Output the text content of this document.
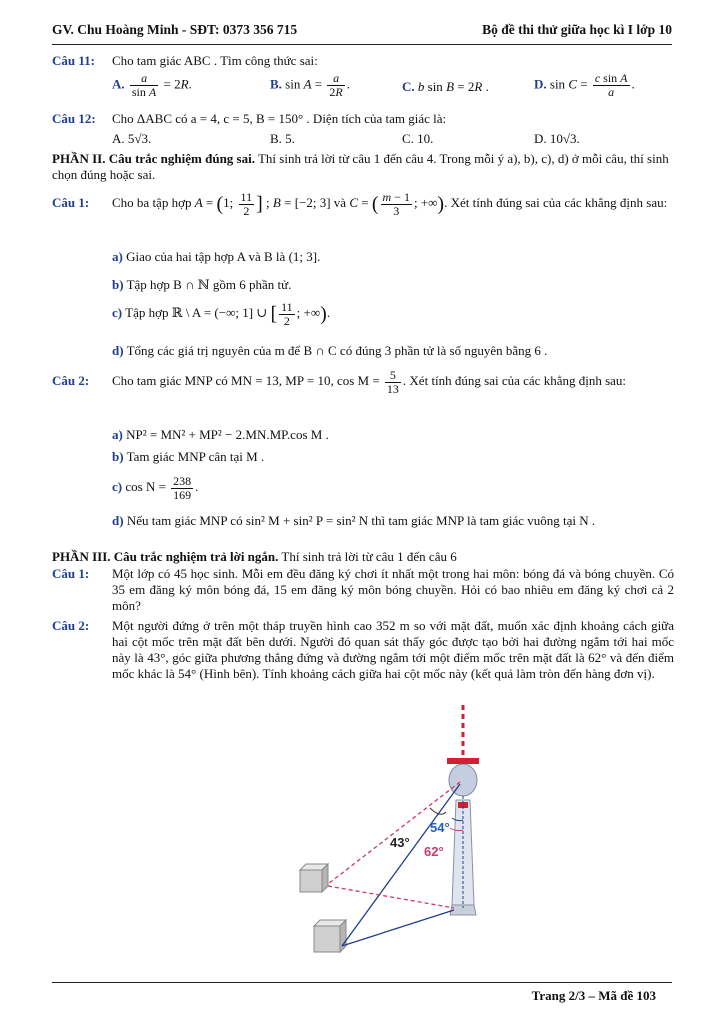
GV. Chu Hoàng Minh - SĐT: 0373 356 715	Bộ đề thi thử giữa học kì I lớp 10
Câu 11: Cho tam giác ABC . Tìm công thức sai:
A. $\frac{a}{\text{sin A}} = 2R$.	B. $\sin A = \frac{a}{2R}$ .	C. b sin B = 2R .	D. $\sin C = \frac{\text{c sin A}}{a}$ .
Câu 12: Cho ΔABC có a = 4, c = 5, B = 150° . Diện tích của tam giác là:
A. 5√3.	B. 5.	C. 10.	D. 10√3.
PHẦN II. Câu trắc nghiệm đúng sai. Thí sinh trả lời từ câu 1 đến câu 4. Trong mỗi ý a), b), c), d) ở mỗi câu, thí sinh chọn đúng hoặc sai.
Câu 1: Cho ba tập hợp A = (1; $\frac{11}{2}$ ] ; B = [−2; 3] và C = ( $\frac{m - 1}{3}$ ; +∞). Xét tính đúng sai của các khẳng định sau:
a) Giao của hai tập hợp A và B là (1; 3].
b) Tập hợp B ∩ ℕ gồm 6 phần tử.
c) Tập hợp ℝ \ A = (−∞; 1] ∪ [ $\frac{11}{2}$ ; +∞).
d) Tổng các giá trị nguyên của m để B ∩ C có đúng 3 phần tử là số nguyên bằng 6 .
Câu 2: Cho tam giác MNP có MN = 13, MP = 10, $\cos M = \frac{5}{13}$ . Xét tính đúng sai của các khẳng định sau:
a) NP² = MN² + MP² − 2.MN.MP.cos M .
b) Tam giác MNP cân tại M .
c) $\cos N = \frac{238}{169}$ .
d) Nếu tam giác MNP có sin² M + sin² P = sin² N thì tam giác MNP là tam giác vuông tại N .
PHẦN III. Câu trắc nghiệm trả lời ngắn. Thí sinh trả lời từ câu 1 đến câu 6
Câu 1: Một lớp có 45 học sinh. Mỗi em đều đăng ký chơi ít nhất một trong hai môn: bóng đá và bóng chuyền. Có 35 em đăng ký môn bóng đá, 15 em đăng ký môn bóng chuyền. Hỏi có bao nhiêu em đăng ký chơi cả 2 môn?
Câu 2: Một người đứng ở trên một tháp truyền hình cao 352 m so với mặt đất, muốn xác định khoảng cách giữa hai cột mốc trên mặt đất bên dưới. Người đó quan sát thấy góc được tạo bởi hai đường ngắm tới hai mốc này là 43°, góc giữa phương thẳng đứng và đường ngắm tới một điểm mốc trên mặt đất là 62° và đến điểm mốc khác là 54° (Hình bên). Tính khoảng cách giữa hai cột mốc này (kết quả làm tròn đến hàng đơn vị).
43°
54°
62°
Trang 2/3 – Mã đề 103
